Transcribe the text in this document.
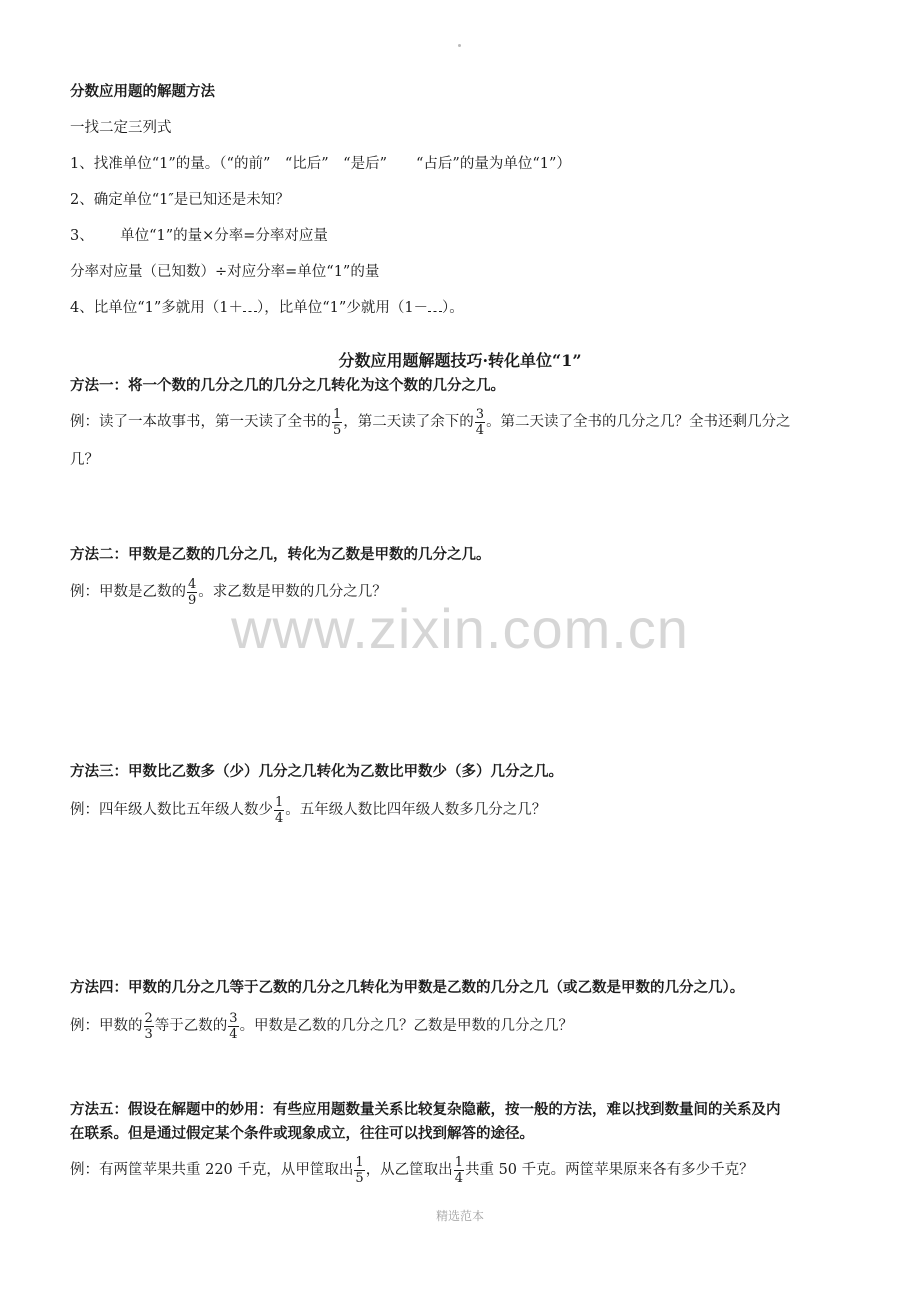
分数应用题的解题方法
一找二定三列式
1、找准单位“1”的量。（“的前”　“比后”　“是后”　　“占后”的量为单位“1”）
2、确定单位“1″是已知还是未知？
3、　　 单位“1”的量×分率=分率对应量
分率对应量（已知数）÷对应分率=单位“1”的量
4、比单位“1”多就用（1＋ ），比单位“1”少就用（1－ ）。
分数应用题解题技巧·转化单位“1”
方法一：将一个数的几分之几的几分之几转化为这个数的几分之几。
例：读了一本故事书，第一天读了全书的 $\frac{1}{5}$ ，第二天读了余下的 $\frac{3}{4}$ 。第二天读了全书的几分之几？全书还剩几分之
几？
方法二：甲数是乙数的几分之几，转化为乙数是甲数的几分之几。
例：甲数是乙数的 $\frac{4}{9}$ 。求乙数是甲数的几分之几？
www.zixin.com.cn
方法三：甲数比乙数多（少）几分之几转化为乙数比甲数少（多）几分之几。
例：四年级人数比五年级人数少 $\frac{1}{4}$ 。五年级人数比四年级人数多几分之几？
方法四：甲数的几分之几等于乙数的几分之几转化为甲数是乙数的几分之几（或乙数是甲数的几分之几）。
例：甲数的 $\frac{2}{3}$ 等于乙数的 $\frac{3}{4}$ 。甲数是乙数的几分之几？乙数是甲数的几分之几？
方法五：假设在解题中的妙用：有些应用题数量关系比较复杂隐蔽，按一般的方法，难以找到数量间的关系及内
在联系。但是通过假定某个条件或现象成立，往往可以找到解答的途径。
例：有两筐苹果共重 220 千克，从甲筐取出 $\frac{1}{5}$ ，从乙筐取出 $\frac{1}{4}$ 共重 50 千克。两筐苹果原来各有多少千克？
精选范本
